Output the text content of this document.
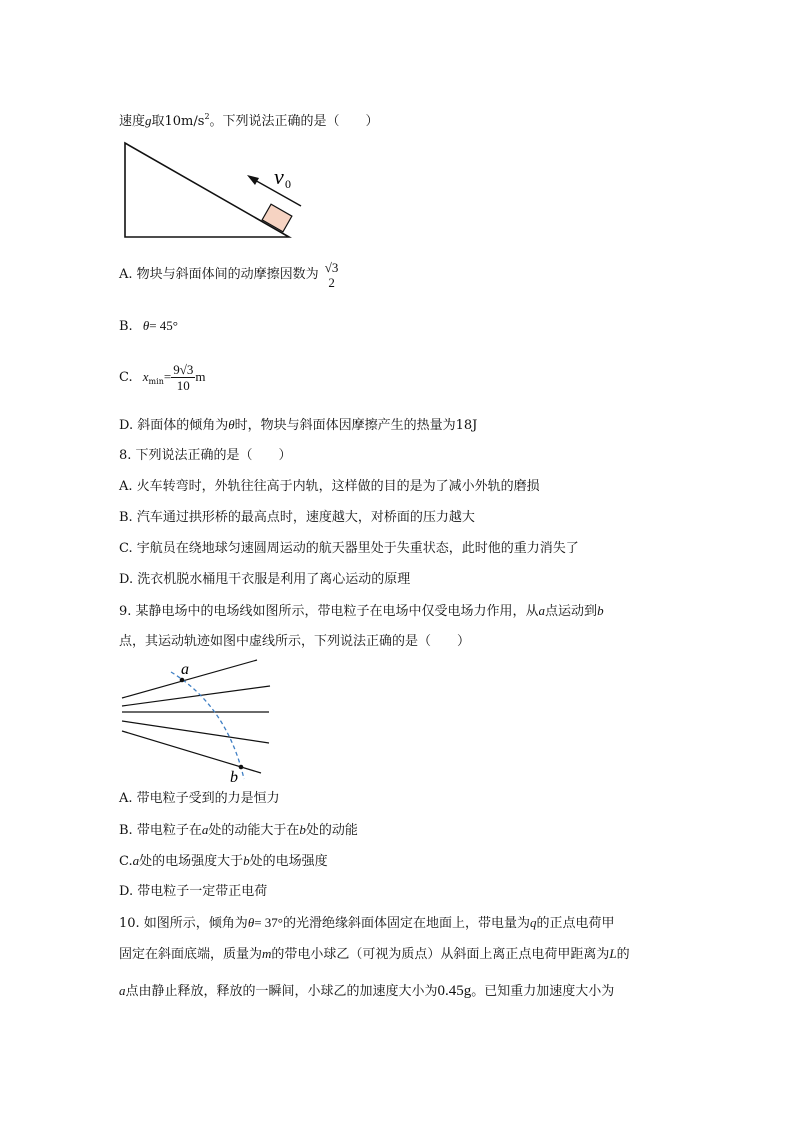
速度g取$10m/s^2$。下列说法正确的是（　　）
v 0
A. 物块与斜面体间的动摩擦因数为 √3
2
B. θ= 45°
C. $x_{min}= \frac{9√3}{10}$ m
D. 斜面体的倾角为θ时，物块与斜面体因摩擦产生的热量为18J
8. 下列说法正确的是（　　）
A. 火车转弯时，外轨往往高于内轨，这样做的目的是为了减小外轨的磨损
B. 汽车通过拱形桥的最高点时，速度越大，对桥面的压力越大
C. 宇航员在绕地球匀速圆周运动的航天器里处于失重状态，此时他的重力消失了
D. 洗衣机脱水桶甩干衣服是利用了离心运动的原理
9. 某静电场中的电场线如图所示，带电粒子在电场中仅受电场力作用，从a点运动到b
点，其运动轨迹如图中虚线所示，下列说法正确的是（　　）
a
b
A. 带电粒子受到的力是恒力
B. 带电粒子在a处的动能大于在b处的动能
C.a处的电场强度大于b处的电场强度
D. 带电粒子一定带正电荷
10. 如图所示，倾角为θ= 37°的光滑绝缘斜面体固定在地面上，带电量为q的正点电荷甲
固定在斜面底端，质量为m的带电小球乙（可视为质点）从斜面上离正点电荷甲距离为L的
a点由静止释放，释放的一瞬间，小球乙的加速度大小为0.45g。已知重力加速度大小为
